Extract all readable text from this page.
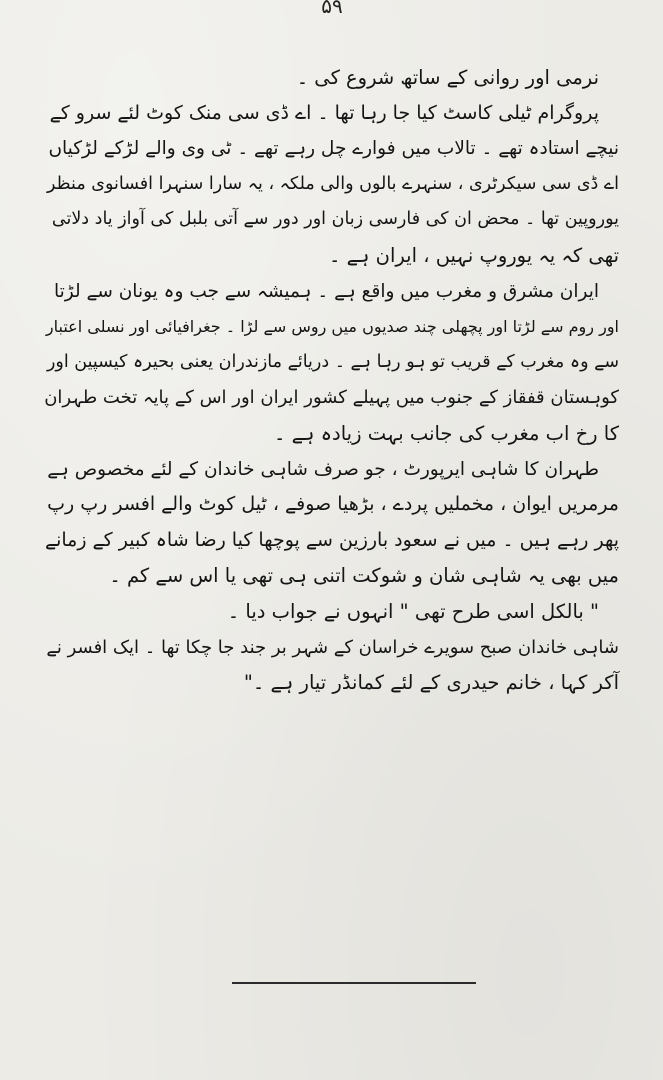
۵۹
نرمی اور روانی کے ساتھ شروع کی ۔
پروگرام ٹیلی کاسٹ کیا جا رہا تھا ۔ اے ڈی سی منک کوٹ لئے سرو کے
نیچے استادہ تھے ۔ تالاب میں فوارے چل رہے تھے ۔ ٹی وی والے لڑکے لڑکیاں
اے ڈی سی سیکرٹری ، سنہرے بالوں والی ملکہ ، یہ سارا سنہرا افسانوی منظر
یوروپین تھا ۔ محض ان کی فارسی زبان اور دور سے آتی بلبل کی آواز یاد دلاتی
تھی کہ یہ یوروپ نہیں ، ایران ہے ۔
ایران مشرق و مغرب میں واقع ہے ۔ ہمیشہ سے جب وہ یونان سے لڑتا
اور روم سے لڑتا اور پچھلی چند صدیوں میں روس سے لڑا ۔ جغرافیائی اور نسلی اعتبار
سے وہ مغرب کے قریب تو ہو رہا ہے ۔ دریائے مازندران یعنی بحیرہ کیسپین اور
کوہستان قفقاز کے جنوب میں پہیلے کشور ایران اور اس کے پایہ تخت طہران
کا رخ اب مغرب کی جانب بہت زیادہ ہے ۔
طہران کا شاہی ایرپورٹ ، جو صرف شاہی خاندان کے لئے مخصوص ہے
مرمریں ایوان ، مخملیں پردے ، بڑھیا صوفے ، ٹیل کوٹ والے افسر رپ رپ
پھر رہے ہیں ۔ میں نے سعود بارزین سے پوچھا کیا رضا شاہ کبیر کے زمانے
میں بھی یہ شاہی شان و شوکت اتنی ہی تھی یا اس سے کم ۔
" بالکل اسی طرح تھی " انہوں نے جواب دیا ۔
شاہی خاندان صبح سویرے خراسان کے شہر بر جند جا چکا تھا ۔ ایک افسر نے
آکر کہا ، خانم حیدری کے لئے کمانڈر تیار ہے ۔"
